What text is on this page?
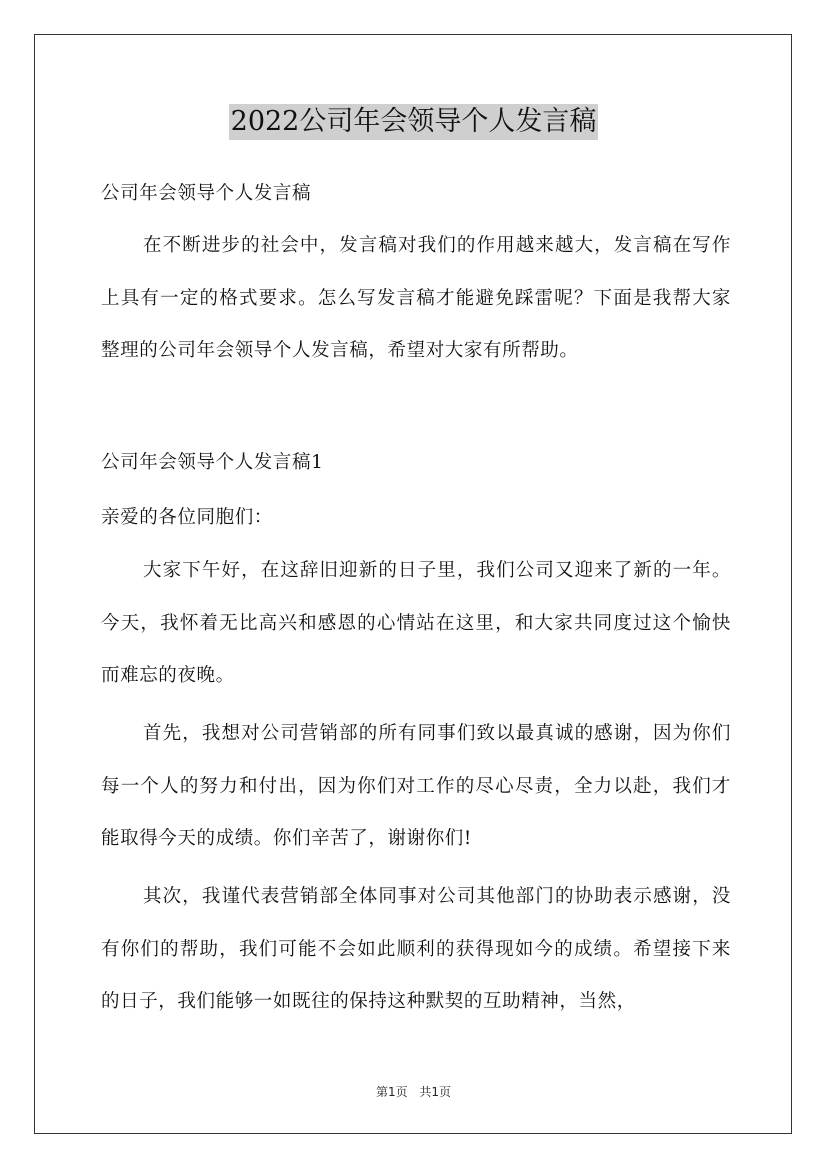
2022公司年会领导个人发言稿

公司年会领导个人发言稿

在不断进步的社会中，发言稿对我们的作用越来越大，发言稿在写作上具有一定的格式要求。怎么写发言稿才能避免踩雷呢？下面是我帮大家整理的公司年会领导个人发言稿，希望对大家有所帮助。

公司年会领导个人发言稿1

亲爱的各位同胞们：

大家下午好，在这辞旧迎新的日子里，我们公司又迎来了新的一年。今天，我怀着无比高兴和感恩的心情站在这里，和大家共同度过这个愉快而难忘的夜晚。

首先，我想对公司营销部的所有同事们致以最真诚的感谢，因为你们每一个人的努力和付出，因为你们对工作的尽心尽责，全力以赴，我们才能取得今天的成绩。你们辛苦了，谢谢你们!

其次，我谨代表营销部全体同事对公司其他部门的协助表示感谢，没有你们的帮助，我们可能不会如此顺利的获得现如今的成绩。希望接下来的日子，我们能够一如既往的保持这种默契的互助精神，当然，

第1页 共1页
